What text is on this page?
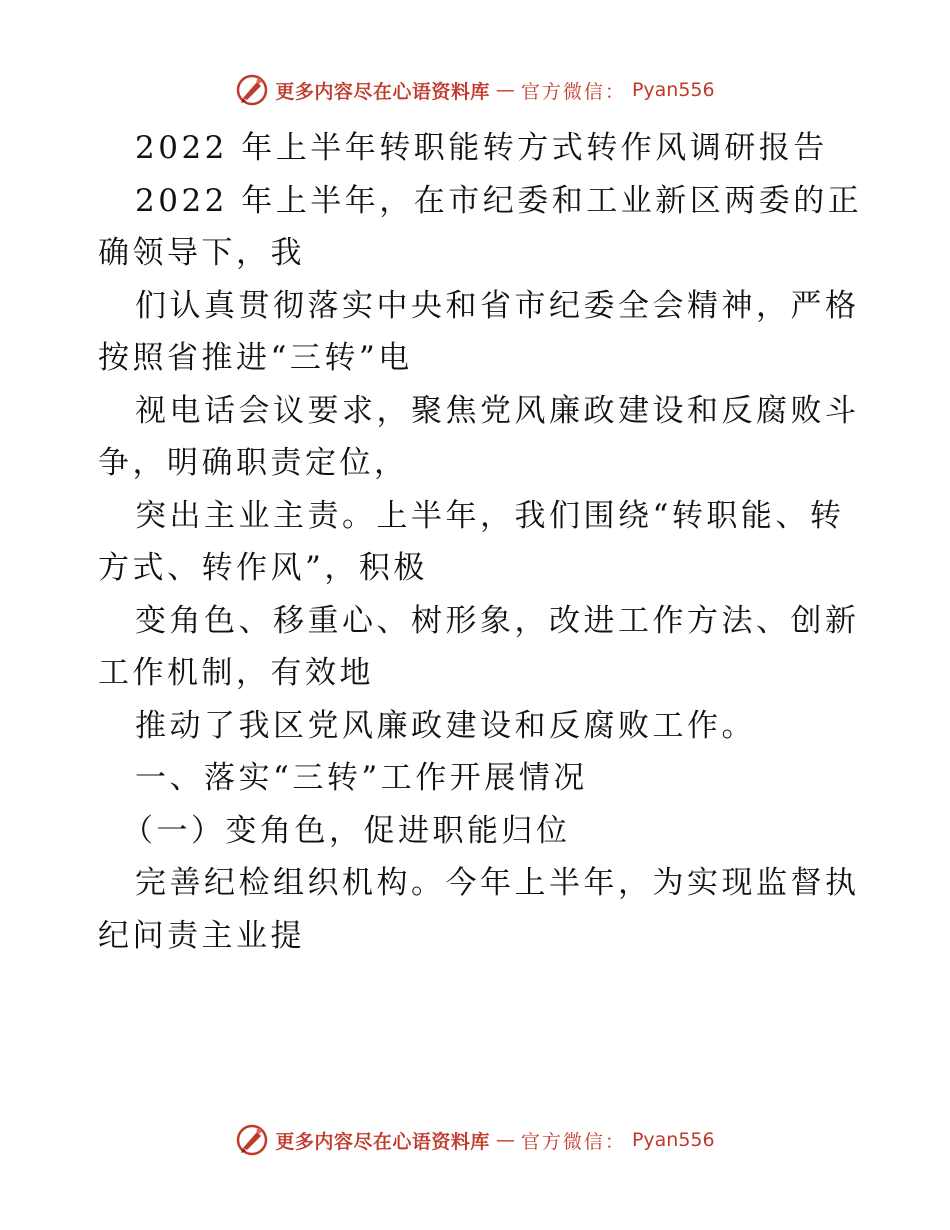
更多内容尽在心语资料库 — 官方微信： Pyan556
2022 年上半年转职能转方式转作风调研报告
2022 年上半年，在市纪委和工业新区两委的正
确领导下，我
们认真贯彻落实中央和省市纪委全会精神，严格
按照省推进“三转”电
视电话会议要求，聚焦党风廉政建设和反腐败斗
争，明确职责定位，
突出主业主责。上半年，我们围绕“转职能、转
方式、转作风”，积极
变角色、移重心、树形象，改进工作方法、创新
工作机制，有效地
推动了我区党风廉政建设和反腐败工作。
一、落实“三转”工作开展情况
（一）变角色，促进职能归位
完善纪检组织机构。今年上半年，为实现监督执
纪问责主业提
更多内容尽在心语资料库 — 官方微信： Pyan556
